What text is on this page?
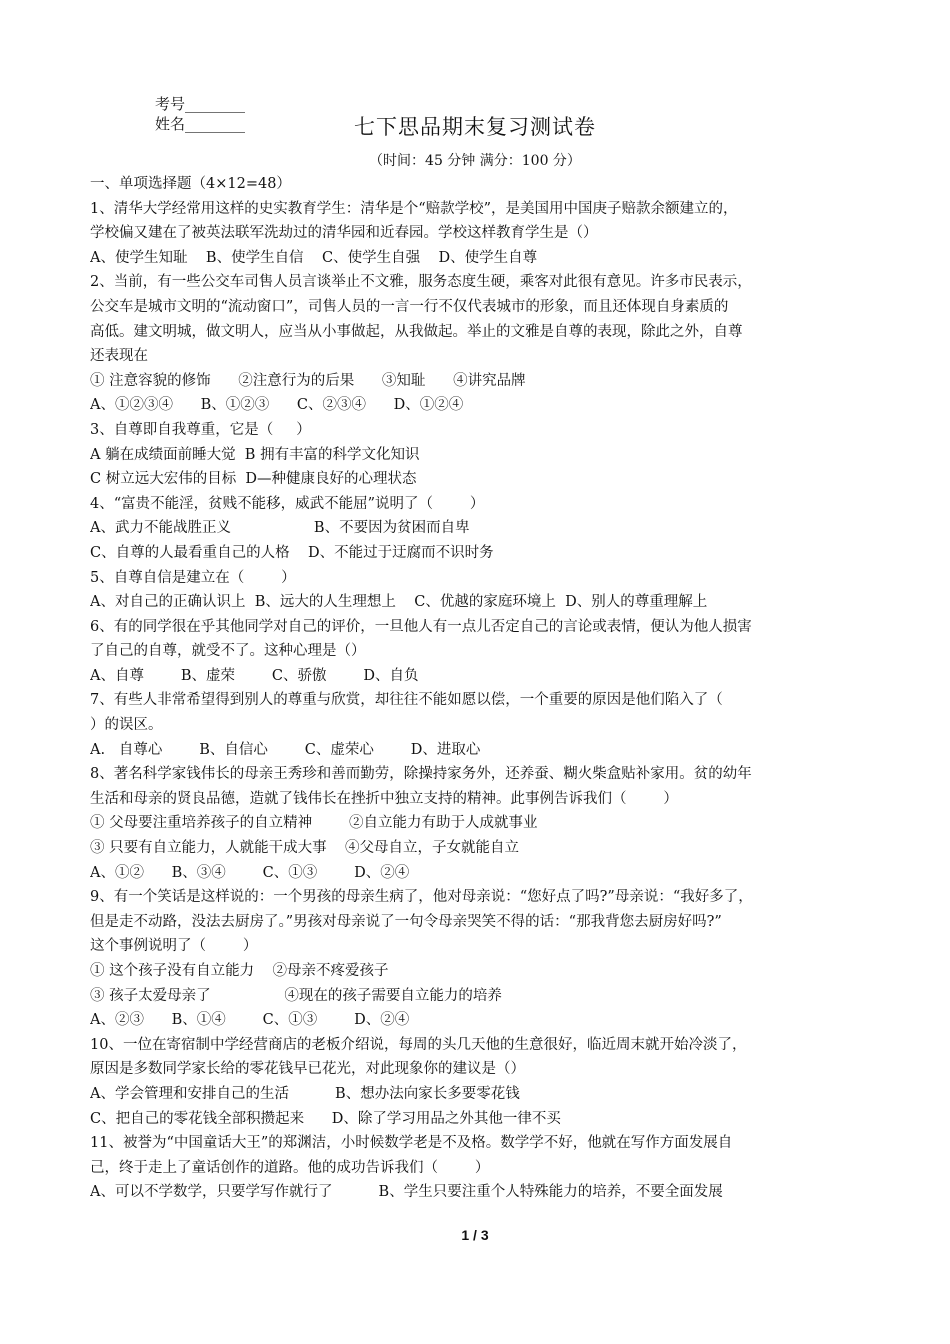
考号________
姓名________	七下思品期末复习测试卷
（时间：45 分钟 满分：100 分）
一、单项选择题（4×12=48）
1、清华大学经常用这样的史实教育学生：清华是个“赔款学校”，是美国用中国庚子赔款余额建立的，
学校偏又建在了被英法联军洗劫过的清华园和近春园。学校这样教育学生是（）
A、使学生知耻    B、使学生自信    C、使学生自强    D、使学生自尊
2、当前，有一些公交车司售人员言谈举止不文雅，服务态度生硬，乘客对此很有意见。许多市民表示，
公交车是城市文明的“流动窗口”，司售人员的一言一行不仅代表城市的形象，而且还体现自身素质的
高低。建文明城，做文明人，应当从小事做起，从我做起。举止的文雅是自尊的表现，除此之外，自尊
还表现在
① 注意容貌的修饰      ②注意行为的后果      ③知耻      ④讲究品牌
A、①②③④      B、①②③      C、②③④      D、①②④
3、自尊即自我尊重，它是（     ）
A 躺在成绩面前睡大觉  B 拥有丰富的科学文化知识
C 树立远大宏伟的目标  D—种健康良好的心理状态
4、“富贵不能淫，贫贱不能移，威武不能屈”说明了（        ）
A、武力不能战胜正义                  B、不要因为贫困而自卑
C、自尊的人最看重自己的人格    D、不能过于迂腐而不识时务
5、自尊自信是建立在（        ）
A、对自己的正确认识上  B、远大的人生理想上    C、优越的家庭环境上  D、别人的尊重理解上
6、有的同学很在乎其他同学对自己的评价，一旦他人有一点儿否定自己的言论或表情，便认为他人损害
了自己的自尊，就受不了。这种心理是（）
A、自尊        B、虚荣        C、骄傲        D、自负
7、有些人非常希望得到别人的尊重与欣赏，却往往不能如愿以偿，一个重要的原因是他们陷入了（
）的误区。
A.   自尊心        B、自信心        C、虚荣心        D、进取心
8、著名科学家钱伟长的母亲王秀珍和善而勤劳，除操持家务外，还养蚕、糊火柴盒贴补家用。贫的幼年
生活和母亲的贤良品德，造就了钱伟长在挫折中独立支持的精神。此事例告诉我们（        ）
① 父母要注重培养孩子的自立精神        ②自立能力有助于人成就事业
③ 只要有自立能力，人就能干成大事    ④父母自立，子女就能自立
A、①②      B、③④        C、①③        D、②④
9、有一个笑话是这样说的：一个男孩的母亲生病了，他对母亲说：“您好点了吗?”母亲说：“我好多了，
但是走不动路，没法去厨房了。”男孩对母亲说了一句令母亲哭笑不得的话：“那我背您去厨房好吗?”
这个事例说明了（        ）
① 这个孩子没有自立能力    ②母亲不疼爱孩子
③ 孩子太爱母亲了                ④现在的孩子需要自立能力的培养
A、②③      B、①④        C、①③        D、②④
10、一位在寄宿制中学经营商店的老板介绍说，每周的头几天他的生意很好，临近周末就开始冷淡了，
原因是多数同学家长给的零花钱早已花光，对此现象你的建议是（）
A、学会管理和安排自己的生活          B、想办法向家长多要零花钱
C、把自己的零花钱全部积攒起来      D、除了学习用品之外其他一律不买
11、被誉为“中国童话大王”的郑渊洁，小时候数学老是不及格。数学学不好，他就在写作方面发展自
己，终于走上了童话创作的道路。他的成功告诉我们（        ）
A、可以不学数学，只要学写作就行了          B、学生只要注重个人特殊能力的培养，不要全面发展
1 / 3
